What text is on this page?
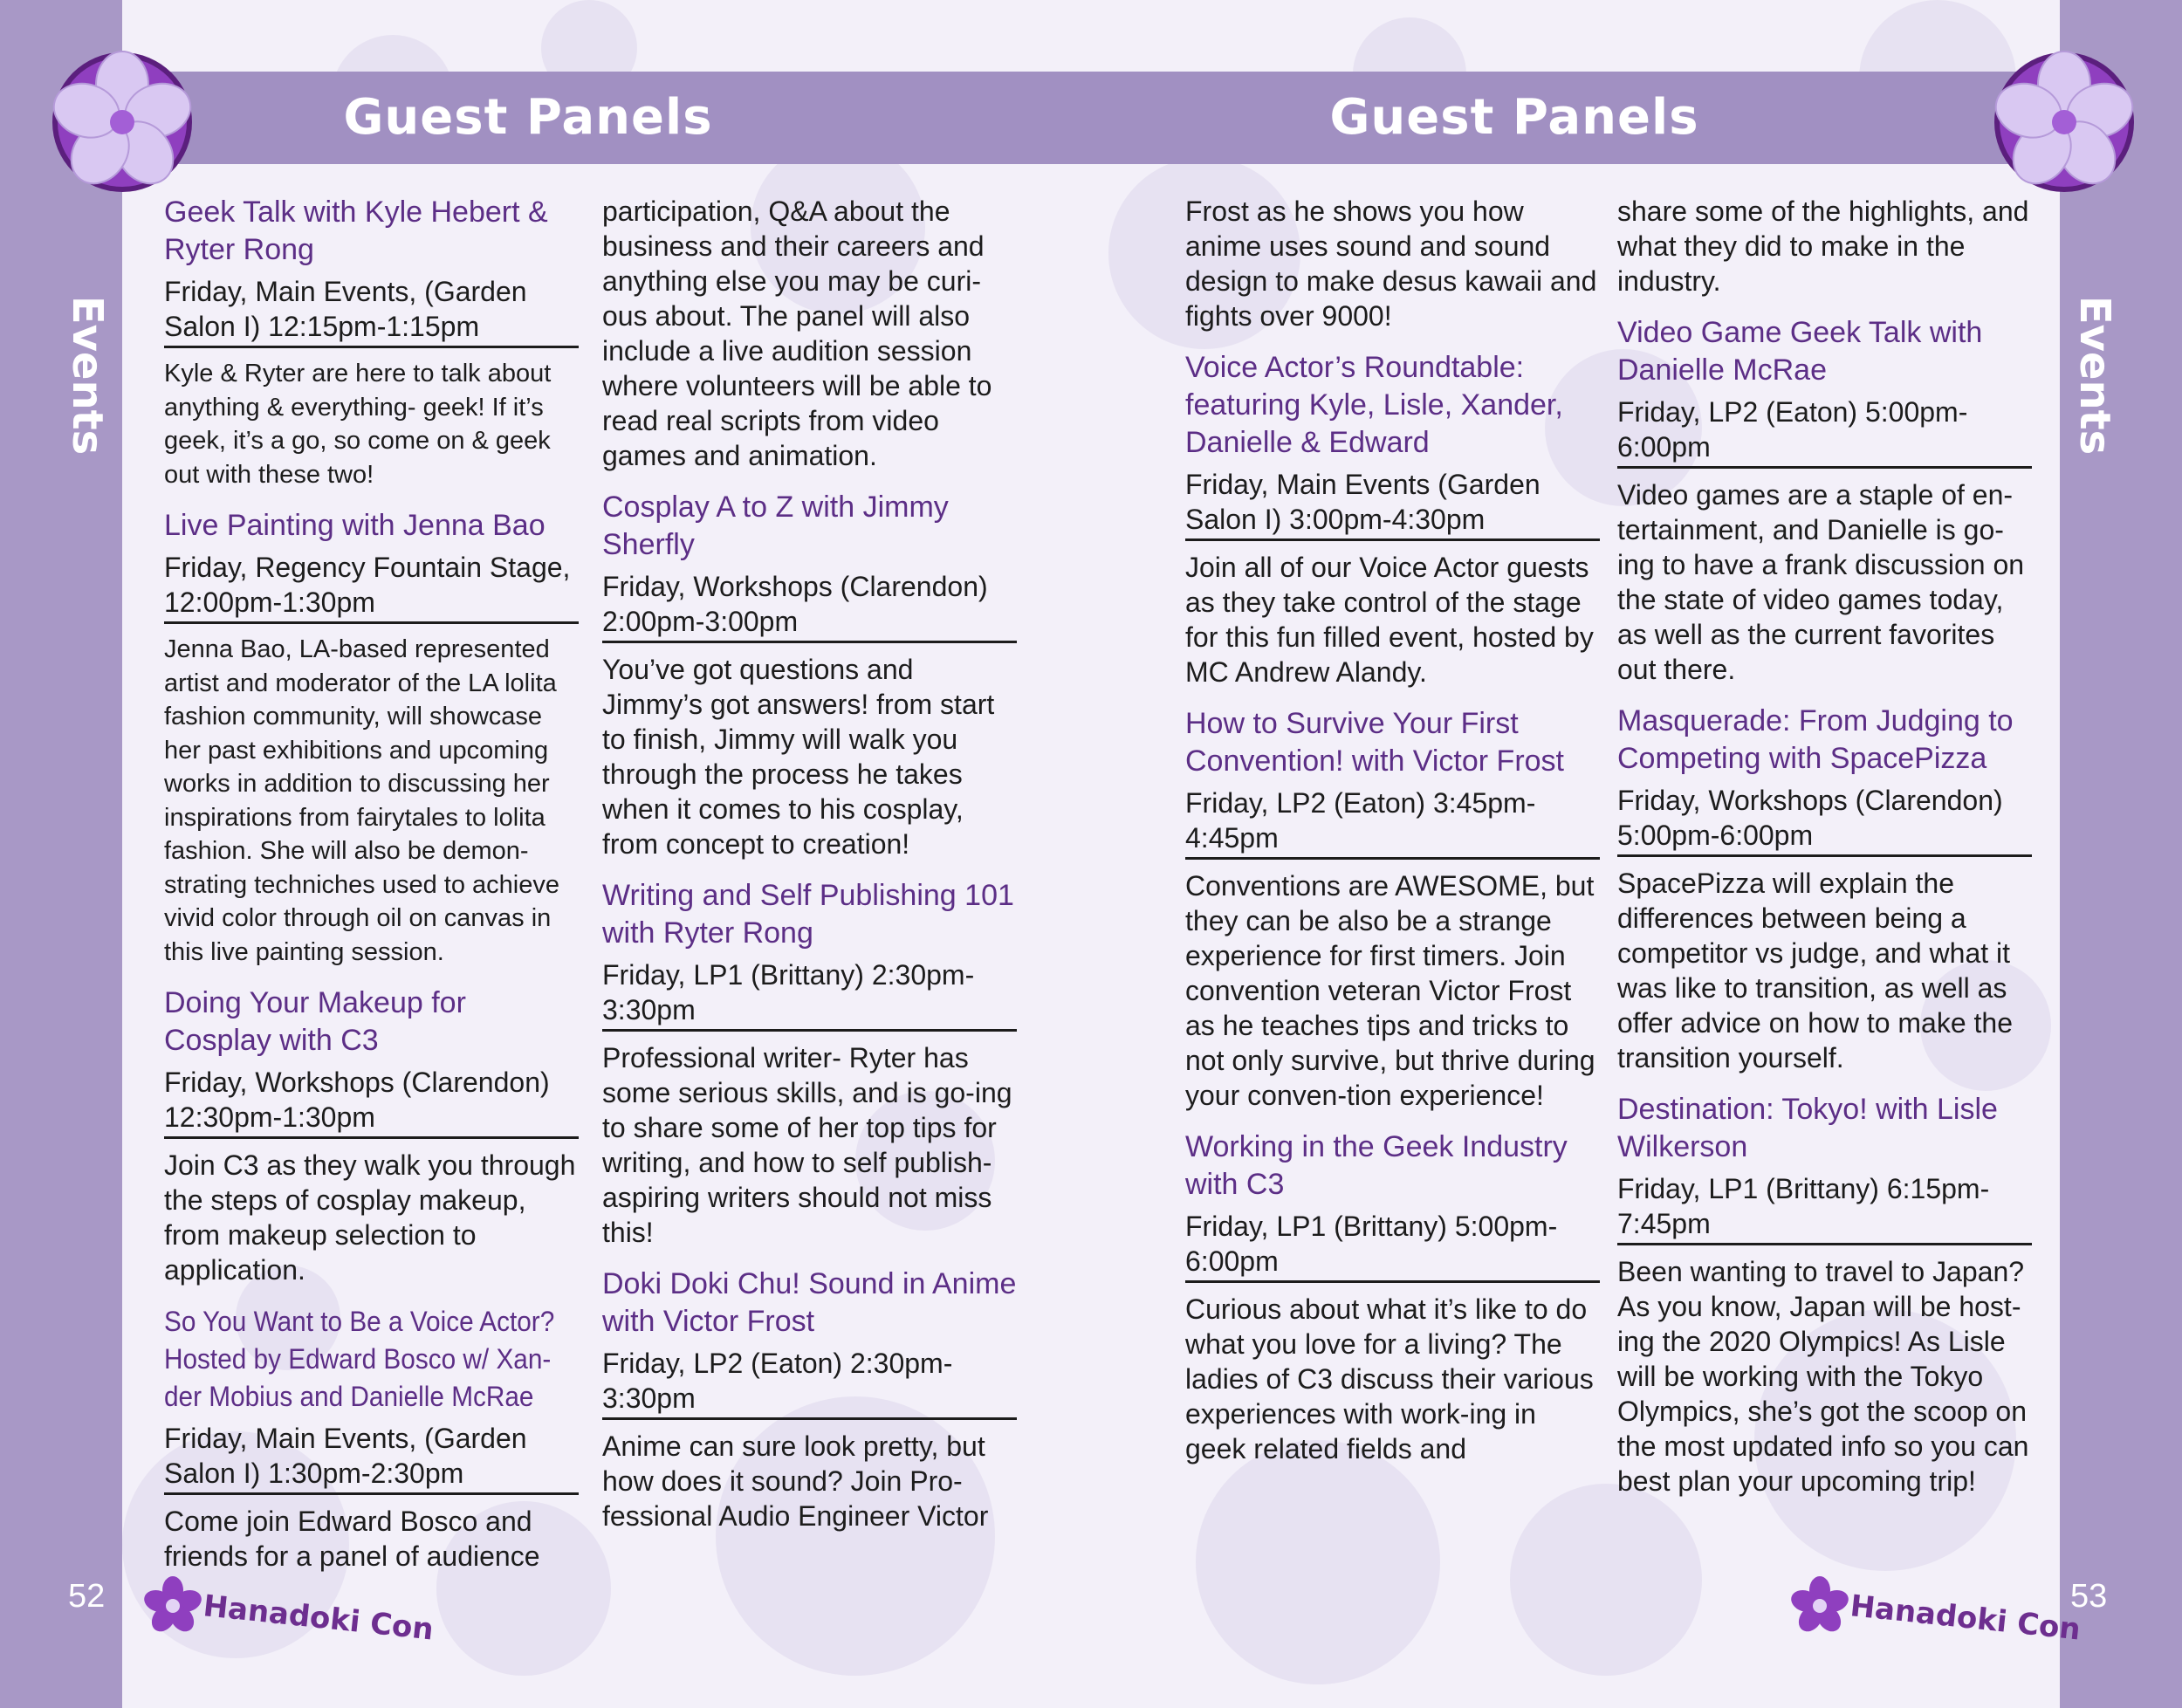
Guest Panels	Guest Panels
Events	Events
52	53
Hanadoki Con	Hanadoki Con
Geek Talk with Kyle Hebert & Ryter Rong
Friday, Main Events, (Garden Salon I) 12:15pm-1:15pm

Kyle & Ryter are here to talk about anything & everything- geek! If it’s geek, it’s a go, so come on & geek out with these two!

Live Painting with Jenna Bao
Friday, Regency Fountain Stage, 12:00pm-1:30pm

Jenna Bao, LA-based represented artist and moderator of the LA lolita fashion community, will showcase her past exhibitions and upcoming works in addition to discussing her inspirations from fairytales to lolita fashion. She will also be demon-strating techniches used to achieve vivid color through oil on canvas in this live painting session.

Doing Your Makeup for Cosplay with C3
Friday, Workshops (Clarendon) 12:30pm-1:30pm

Join C3 as they walk you through the steps of cosplay makeup, from makeup selection to application.

So You Want to Be a Voice Actor? Hosted by Edward Bosco w/ Xan-der Mobius and Danielle McRae
Friday, Main Events, (Garden Salon I) 1:30pm-2:30pm

Come join Edward Bosco and friends for a panel of audience

participation, Q&A about the business and their careers and anything else you may be curi-ous about. The panel will also include a live audition session where volunteers will be able to read real scripts from video games and animation.

Cosplay A to Z with Jimmy Sherfly
Friday, Workshops (Clarendon) 2:00pm-3:00pm

You’ve got questions and Jimmy’s got answers! from start to finish, Jimmy will walk you through the process he takes when it comes to his cosplay, from concept to creation!

Writing and Self Publishing 101 with Ryter Rong
Friday, LP1 (Brittany) 2:30pm-3:30pm

Professional writer- Ryter has some serious skills, and is go-ing to share some of her top tips for writing, and how to self publish- aspiring writers should not miss this!

Doki Doki Chu! Sound in Anime with Victor Frost
Friday, LP2 (Eaton) 2:30pm-3:30pm

Anime can sure look pretty, but how does it sound? Join Pro-fessional Audio Engineer Victor

Frost as he shows you how anime uses sound and sound design to make desus kawaii and fights over 9000!

Voice Actor’s Roundtable: featuring Kyle, Lisle, Xander, Danielle & Edward
Friday, Main Events (Garden Salon I) 3:00pm-4:30pm

Join all of our Voice Actor guests as they take control of the stage for this fun filled event, hosted by MC Andrew Alandy.

How to Survive Your First Convention! with Victor Frost
Friday, LP2 (Eaton) 3:45pm-4:45pm

Conventions are AWESOME, but they can be also be a strange experience for first timers. Join convention veteran Victor Frost as he teaches tips and tricks to not only survive, but thrive during your conven-tion experience!

Working in the Geek Industry with C3
Friday, LP1 (Brittany) 5:00pm-6:00pm

Curious about what it’s like to do what you love for a living? The ladies of C3 discuss their various experiences with work-ing in geek related fields and

share some of the highlights, and what they did to make in the industry.

Video Game Geek Talk with Danielle McRae
Friday, LP2 (Eaton) 5:00pm-6:00pm

Video games are a staple of en-tertainment, and Danielle is go-ing to have a frank discussion on the state of video games today, as well as the current favorites out there.

Masquerade: From Judging to Competing with SpacePizza
Friday, Workshops (Clarendon) 5:00pm-6:00pm

SpacePizza will explain the differences between being a competitor vs judge, and what it was like to transition, as well as offer advice on how to make the transition yourself.

Destination: Tokyo! with Lisle Wilkerson
Friday, LP1 (Brittany) 6:15pm-7:45pm

Been wanting to travel to Japan? As you know, Japan will be host-ing the 2020 Olympics! As Lisle will be working with the Tokyo Olympics, she’s got the scoop on the most updated info so you can best plan your upcoming trip!
